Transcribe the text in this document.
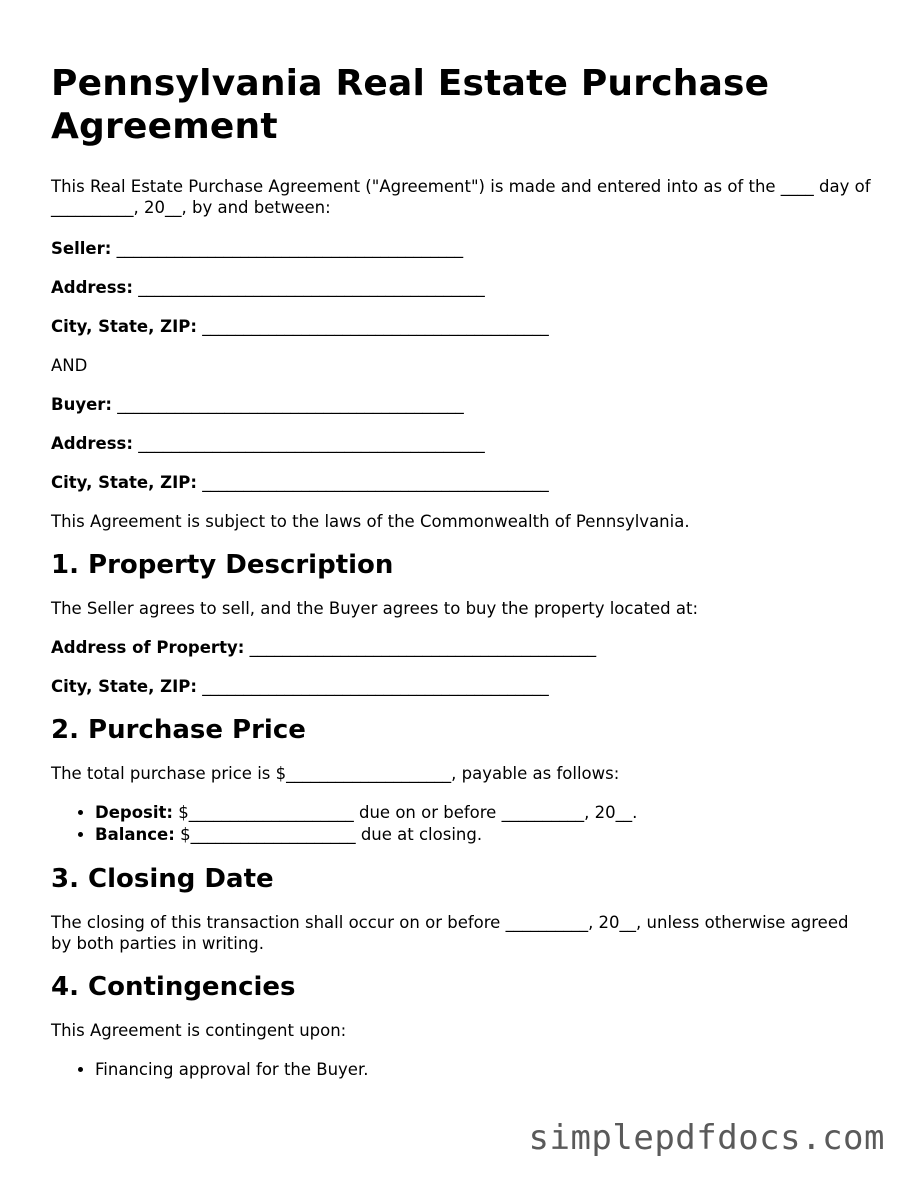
Pennsylvania Real Estate Purchase Agreement

This Real Estate Purchase Agreement ("Agreement") is made and entered into as of the ____ day of __________, 20__, by and between:

Seller: __________________________________________
Address: __________________________________________
City, State, ZIP: __________________________________________

AND

Buyer: __________________________________________
Address: __________________________________________
City, State, ZIP: __________________________________________

This Agreement is subject to the laws of the Commonwealth of Pennsylvania.

1. Property Description

The Seller agrees to sell, and the Buyer agrees to buy the property located at:

Address of Property: __________________________________________
City, State, ZIP: __________________________________________
2. Purchase Price

The total purchase price is $____________________, payable as follows:

• Deposit: $____________________ due on or before __________, 20__.
• Balance: $____________________ due at closing.
3. Closing Date

The closing of this transaction shall occur on or before __________, 20__, unless otherwise agreed by both parties in writing.

4. Contingencies

This Agreement is contingent upon:

• Financing approval for the Buyer.
simplepdfdocs.com
